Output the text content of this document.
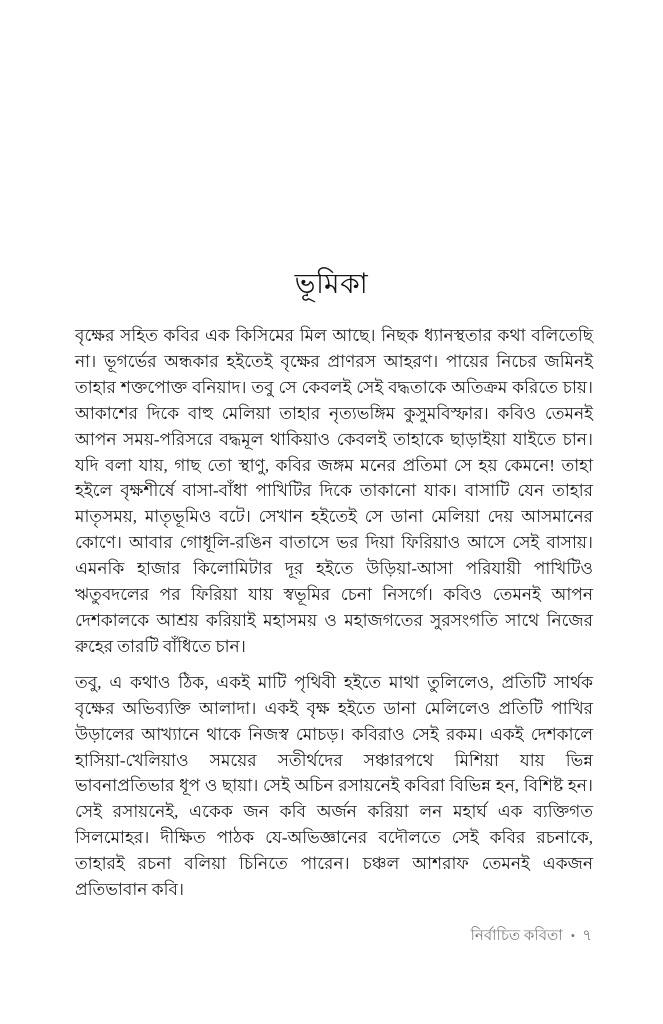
ভূমিকা

বৃক্ষের সহিত কবির এক কিসিমের মিল আছে। নিছক ধ্যানস্থতার কথা বলিতেছি না। ভূগর্ভের অন্ধকার হইতেই বৃক্ষের প্রাণরস আহরণ। পায়ের নিচের জমিনই তাহার শক্তপোক্ত বনিয়াদ। তবু সে কেবলই সেই বদ্ধতাকে অতিক্রম করিতে চায়। আকাশের দিকে বাহু মেলিয়া তাহার নৃত্যভঙ্গিম কুসুমবিস্ফার। কবিও তেমনই আপন সময়-পরিসরে বদ্ধমূল থাকিয়াও কেবলই তাহাকে ছাড়াইয়া যাইতে চান। যদি বলা যায়, গাছ তো স্থাণু, কবির জঙ্গম মনের প্রতিমা সে হয় কেমনে! তাহা হইলে বৃক্ষশীর্ষে বাসা-বাঁধা পাখিটির দিকে তাকানো যাক। বাসাটি যেন তাহার মাতৃসময়, মাতৃভূমিও বটে। সেখান হইতেই সে ডানা মেলিয়া দেয় আসমানের কোণে। আবার গোধূলি-রঙিন বাতাসে ভর দিয়া ফিরিয়াও আসে সেই বাসায়। এমনকি হাজার কিলোমিটার দূর হইতে উড়িয়া-আসা পরিযায়ী পাখিটিও ঋতুবদলের পর ফিরিয়া যায় স্বভূমির চেনা নিসর্গে। কবিও তেমনই আপন দেশকালকে আশ্রয় করিয়াই মহাসময় ও মহাজগতের সুরসংগতি সাথে নিজের রুহের তারটি বাঁধিতে চান।

তবু, এ কথাও ঠিক, একই মাটি পৃথিবী হইতে মাথা তুলিলেও, প্রতিটি সার্থক বৃক্ষের অভিব্যক্তি আলাদা। একই বৃক্ষ হইতে ডানা মেলিলেও প্রতিটি পাখির উড়ালের আখ্যানে থাকে নিজস্ব মোচড়। কবিরাও সেই রকম। একই দেশকালে হাসিয়া-খেলিয়াও সময়ের সতীর্থদের সঞ্চারপথে মিশিয়া যায় ভিন্ন ভাবনাপ্রতিভার ধূপ ও ছায়া। সেই অচিন রসায়নেই কবিরা বিভিন্ন হন, বিশিষ্ট হন। সেই রসায়নেই, একেক জন কবি অর্জন করিয়া লন মহার্ঘ এক ব্যক্তিগত সিলমোহর। দীক্ষিত পাঠক যে-অভিজ্ঞানের বদৌলতে সেই কবির রচনাকে, তাহারই রচনা বলিয়া চিনিতে পারেন। চঞ্চল আশরাফ তেমনই একজন প্রতিভাবান কবি।

নির্বাচিত কবিতা • ৭
